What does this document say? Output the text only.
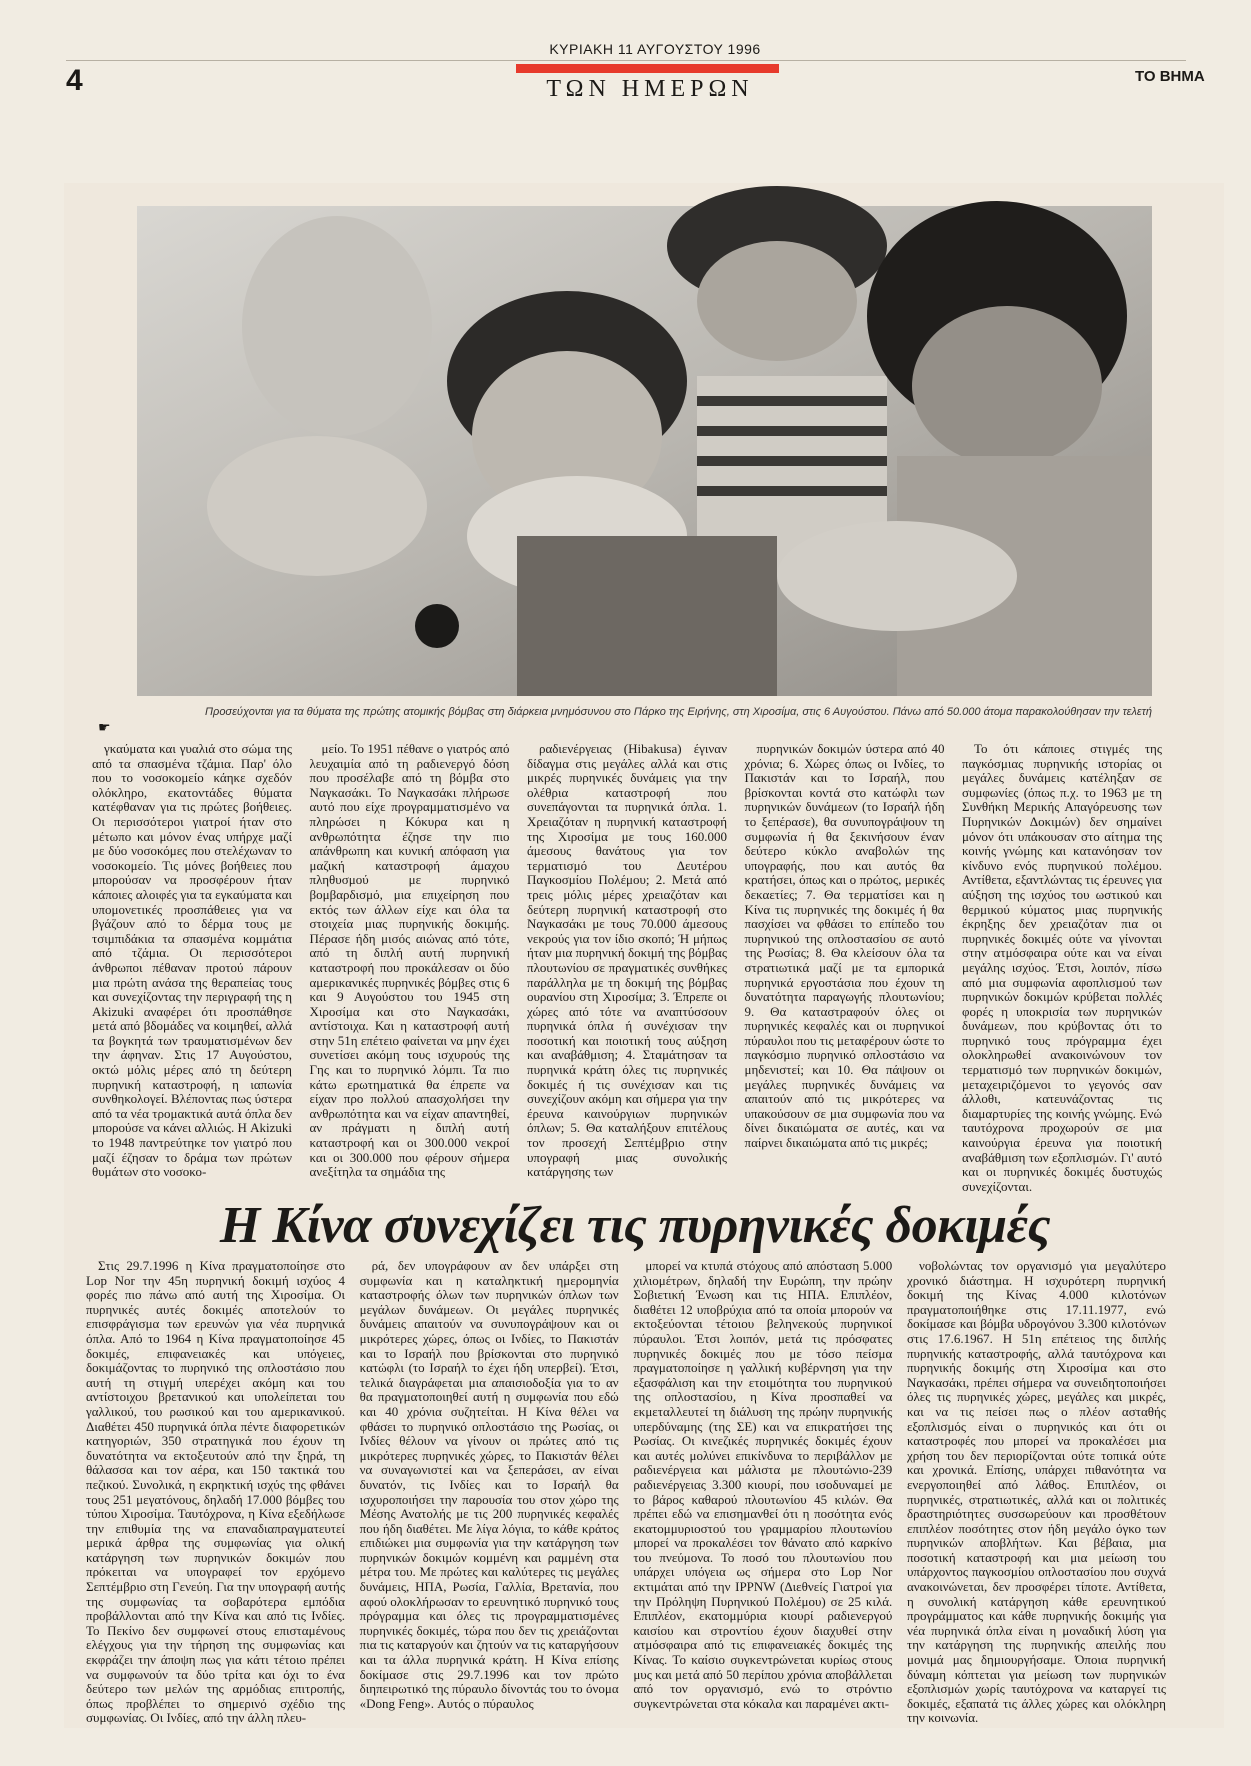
4
ΚΥΡΙΑΚΗ 11 ΑΥΓΟΥΣΤΟΥ 1996
ΤΩΝ ΗΜΕΡΩΝ	ΤΟ ΒΗΜΑ
☛
Προσεύχονται για τα θύματα της πρώτης ατομικής βόμβας στη διάρκεια μνημόσυνου στο Πάρκο της Ειρήνης, στη Χιροσίμα, στις 6 Αυγούστου. Πάνω από 50.000 άτομα παρακολούθησαν την τελετή

γκαύματα και γυαλιά στο σώμα της από τα σπασμένα τζάμια. Παρ' όλο που το νοσοκομείο κάηκε σχεδόν ολόκληρο, εκατοντάδες θύματα κατέφθαναν για τις πρώτες βοήθειες. Οι περισσότεροι γιατροί ήταν στο μέτωπο και μόνον ένας υπήρχε μαζί με δύο νοσοκόμες που στελέχωναν το νοσοκομείο. Τις μόνες βοήθειες που μπορούσαν να προσφέρουν ήταν κάποιες αλοιφές για τα εγκαύματα και υπομονετικές προσπάθειες για να βγάζουν από το δέρμα τους με τσιμπιδάκια τα σπασμένα κομμάτια από τζάμια. Οι περισσότεροι άνθρωποι πέθαναν προτού πάρουν μια πρώτη ανάσα της θεραπείας τους και συνεχίζοντας την περιγραφή της η Akizuki αναφέρει ότι προσπάθησε μετά από βδομάδες να κοιμηθεί, αλλά τα βογκητά των τραυματισμένων δεν την άφηναν. Στις 17 Αυγούστου, οκτώ μόλις μέρες από τη δεύτερη πυρηνική καταστροφή, η ιαπωνία συνθηκολογεί. Βλέποντας πως ύστερα από τα νέα τρομακτικά αυτά όπλα δεν μπορούσε να κάνει αλλιώς. Η Akizuki το 1948 παντρεύτηκε τον γιατρό που μαζί έζησαν το δράμα των πρώτων θυμάτων στο νοσοκο-

μείο. Το 1951 πέθανε ο γιατρός από λευχαιμία από τη ραδιενεργό δόση που προσέλαβε από τη βόμβα στο Ναγκασάκι. Το Ναγκασάκι πλήρωσε αυτό που είχε προγραμματισμένο να πληρώσει η Κόκυρα και η ανθρωπότητα έζησε την πιο απάνθρωπη και κυνική απόφαση για μαζική καταστροφή άμαχου πληθυσμού με πυρηνικό βομβαρδισμό, μια επιχείρηση που εκτός των άλλων είχε και όλα τα στοιχεία μιας πυρηνικής δοκιμής. Πέρασε ήδη μισός αιώνας από τότε, από τη διπλή αυτή πυρηνική καταστροφή που προκάλεσαν οι δύο αμερικανικές πυρηνικές βόμβες στις 6 και 9 Αυγούστου του 1945 στη Χιροσίμα και στο Ναγκασάκι, αντίστοιχα. Και η καταστροφή αυτή στην 51η επέτειο φαίνεται να μην έχει συνετίσει ακόμη τους ισχυρούς της Γης και το πυρηνικό λόμπι. Τα πιο κάτω ερωτηματικά θα έπρεπε να είχαν προ πολλού απασχολήσει την ανθρωπότητα και να είχαν απαντηθεί, αν πράγματι η διπλή αυτή καταστροφή και οι 300.000 νεκροί και οι 300.000 που φέρουν σήμερα ανεξίτηλα τα σημάδια της

ραδιενέργειας (Hibakusa) έγιναν δίδαγμα στις μεγάλες αλλά και στις μικρές πυρηνικές δυνάμεις για την ολέθρια καταστροφή που συνεπάγονται τα πυρηνικά όπλα. 1. Χρειαζόταν η πυρηνική καταστροφή της Χιροσίμα με τους 160.000 άμεσους θανάτους για τον τερματισμό του Δευτέρου Παγκοσμίου Πολέμου; 2. Μετά από τρεις μόλις μέρες χρειαζόταν και δεύτερη πυρηνική καταστροφή στο Ναγκασάκι με τους 70.000 άμεσους νεκρούς για τον ίδιο σκοπό; Ή μήπως ήταν μια πυρηνική δοκιμή της βόμβας πλουτωνίου σε πραγματικές συνθήκες παράλληλα με τη δοκιμή της βόμβας ουρανίου στη Χιροσίμα; 3. Έπρεπε οι χώρες από τότε να αναπτύσσουν πυρηνικά όπλα ή συνέχισαν την ποσοτική και ποιοτική τους αύξηση και αναβάθμιση; 4. Σταμάτησαν τα πυρηνικά κράτη όλες τις πυρηνικές δοκιμές ή τις συνέχισαν και τις συνεχίζουν ακόμη και σήμερα για την έρευνα καινούργιων πυρηνικών όπλων; 5. Θα καταλήξουν επιτέλους τον προσεχή Σεπτέμβριο στην υπογραφή μιας συνολικής κατάργησης των

πυρηνικών δοκιμών ύστερα από 40 χρόνια; 6. Χώρες όπως οι Ινδίες, το Πακιστάν και το Ισραήλ, που βρίσκονται κοντά στο κατώφλι των πυρηνικών δυνάμεων (το Ισραήλ ήδη το ξεπέρασε), θα συνυπογράψουν τη συμφωνία ή θα ξεκινήσουν έναν δεύτερο κύκλο αναβολών της υπογραφής, που και αυτός θα κρατήσει, όπως και ο πρώτος, μερικές δεκαετίες; 7. Θα τερματίσει και η Κίνα τις πυρηνικές της δοκιμές ή θα πασχίσει να φθάσει το επίπεδο του πυρηνικού της οπλοστασίου σε αυτό της Ρωσίας; 8. Θα κλείσουν όλα τα στρατιωτικά μαζί με τα εμπορικά πυρηνικά εργοστάσια που έχουν τη δυνατότητα παραγωγής πλουτωνίου; 9. Θα καταστραφούν όλες οι πυρηνικές κεφαλές και οι πυρηνικοί πύραυλοι που τις μεταφέρουν ώστε το παγκόσμιο πυρηνικό οπλοστάσιο να μηδενιστεί; και 10. Θα πάψουν οι μεγάλες πυρηνικές δυνάμεις να απαιτούν από τις μικρότερες να υπακούσουν σε μια συμφωνία που να δίνει δικαιώματα σε αυτές, και να παίρνει δικαιώματα από τις μικρές;

Το ότι κάποιες στιγμές της παγκόσμιας πυρηνικής ιστορίας οι μεγάλες δυνάμεις κατέληξαν σε συμφωνίες (όπως π.χ. το 1963 με τη Συνθήκη Μερικής Απαγόρευσης των Πυρηνικών Δοκιμών) δεν σημαίνει μόνον ότι υπάκουσαν στο αίτημα της κοινής γνώμης και κατανόησαν τον κίνδυνο ενός πυρηνικού πολέμου. Αντίθετα, εξαντλώντας τις έρευνες για αύξηση της ισχύος του ωστικού και θερμικού κύματος μιας πυρηνικής έκρηξης δεν χρειαζόταν πια οι πυρηνικές δοκιμές ούτε να γίνονται στην ατμόσφαιρα ούτε και να είναι μεγάλης ισχύος. Έτσι, λοιπόν, πίσω από μια συμφωνία αφοπλισμού των πυρηνικών δοκιμών κρύβεται πολλές φορές η υποκρισία των πυρηνικών δυνάμεων, που κρύβοντας ότι το πυρηνικό τους πρόγραμμα έχει ολοκληρωθεί ανακοινώνουν τον τερματισμό των πυρηνικών δοκιμών, μεταχειριζόμενοι το γεγονός σαν άλλοθι, κατευνάζοντας τις διαμαρτυρίες της κοινής γνώμης. Ενώ ταυτόχρονα προχωρούν σε μια καινούργια έρευνα για ποιοτική αναβάθμιση των εξοπλισμών. Γι' αυτό και οι πυρηνικές δοκιμές δυστυχώς συνεχίζονται.

Η Κίνα συνεχίζει τις πυρηνικές δοκιμές

Στις 29.7.1996 η Κίνα πραγματοποίησε στο Lop Nor την 45η πυρηνική δοκιμή ισχύος 4 φορές πιο πάνω από αυτή της Χιροσίμα. Οι πυρηνικές αυτές δοκιμές αποτελούν το επισφράγισμα των ερευνών για νέα πυρηνικά όπλα. Από το 1964 η Κίνα πραγματοποίησε 45 δοκιμές, επιφανειακές και υπόγειες, δοκιμάζοντας το πυρηνικό της οπλοστάσιο που αυτή τη στιγμή υπερέχει ακόμη και του αντίστοιχου βρετανικού και υπολείπεται του γαλλικού, του ρωσικού και του αμερικανικού. Διαθέτει 450 πυρηνικά όπλα πέντε διαφορετικών κατηγοριών, 350 στρατηγικά που έχουν τη δυνατότητα να εκτοξευτούν από την ξηρά, τη θάλασσα και τον αέρα, και 150 τακτικά του πεζικού. Συνολικά, η εκρηκτική ισχύς της φθάνει τους 251 μεγατόνους, δηλαδή 17.000 βόμβες του τύπου Χιροσίμα. Ταυτόχρονα, η Κίνα εξεδήλωσε την επιθυμία της να επαναδιαπραγματευτεί μερικά άρθρα της συμφωνίας για ολική κατάργηση των πυρηνικών δοκιμών που πρόκειται να υπογραφεί τον ερχόμενο Σεπτέμβριο στη Γενεύη. Για την υπογραφή αυτής της συμφωνίας τα σοβαρότερα εμπόδια προβάλλονται από την Κίνα και από τις Ινδίες. Το Πεκίνο δεν συμφωνεί στους επισταμένους ελέγχους για την τήρηση της συμφωνίας και εκφράζει την άποψη πως για κάτι τέτοιο πρέπει να συμφωνούν τα δύο τρίτα και όχι το ένα δεύτερο των μελών της αρμόδιας επιτροπής, όπως προβλέπει το σημερινό σχέδιο της συμφωνίας. Οι Ινδίες, από την άλλη πλευ-

ρά, δεν υπογράφουν αν δεν υπάρξει στη συμφωνία και η καταληκτική ημερομηνία καταστροφής όλων των πυρηνικών όπλων των μεγάλων δυνάμεων. Οι μεγάλες πυρηνικές δυνάμεις απαιτούν να συνυπογράψουν και οι μικρότερες χώρες, όπως οι Ινδίες, το Πακιστάν και το Ισραήλ που βρίσκονται στο πυρηνικό κατώφλι (το Ισραήλ το έχει ήδη υπερβεί). Έτσι, τελικά διαγράφεται μια απαισιοδοξία για το αν θα πραγματοποιηθεί αυτή η συμφωνία που εδώ και 40 χρόνια συζητείται. Η Κίνα θέλει να φθάσει το πυρηνικό οπλοστάσιο της Ρωσίας, οι Ινδίες θέλουν να γίνουν οι πρώτες από τις μικρότερες πυρηνικές χώρες, το Πακιστάν θέλει να συναγωνιστεί και να ξεπεράσει, αν είναι δυνατόν, τις Ινδίες και το Ισραήλ θα ισχυροποιήσει την παρουσία του στον χώρο της Μέσης Ανατολής με τις 200 πυρηνικές κεφαλές που ήδη διαθέτει. Με λίγα λόγια, το κάθε κράτος επιδιώκει μια συμφωνία για την κατάργηση των πυρηνικών δοκιμών κομμένη και ραμμένη στα μέτρα του. Με πρώτες και καλύτερες τις μεγάλες δυνάμεις, ΗΠΑ, Ρωσία, Γαλλία, Βρετανία, που αφού ολοκλήρωσαν το ερευνητικό πυρηνικό τους πρόγραμμα και όλες τις προγραμματισμένες πυρηνικές δοκιμές, τώρα που δεν τις χρειάζονται πια τις καταργούν και ζητούν να τις καταργήσουν και τα άλλα πυρηνικά κράτη. Η Κίνα επίσης δοκίμασε στις 29.7.1996 και τον πρώτο διηπειρωτικό της πύραυλο δίνοντάς του το όνομα «Dong Feng». Αυτός ο πύραυλος

μπορεί να κτυπά στόχους από απόσταση 5.000 χιλιομέτρων, δηλαδή την Ευρώπη, την πρώην Σοβιετική Ένωση και τις ΗΠΑ. Επιπλέον, διαθέτει 12 υποβρύχια από τα οποία μπορούν να εκτοξεύονται τέτοιου βεληνεκούς πυρηνικοί πύραυλοι. Έτσι λοιπόν, μετά τις πρόσφατες πυρηνικές δοκιμές που με τόσο πείσμα πραγματοποίησε η γαλλική κυβέρνηση για την εξασφάλιση και την ετοιμότητα του πυρηνικού της οπλοστασίου, η Κίνα προσπαθεί να εκμεταλλευτεί τη διάλυση της πρώην πυρηνικής υπερδύναμης (της ΣΕ) και να επικρατήσει της Ρωσίας. Οι κινεζικές πυρηνικές δοκιμές έχουν και αυτές μολύνει επικίνδυνα το περιβάλλον με ραδιενέργεια και μάλιστα με πλουτώνιο-239 ραδιενέργειας 3.300 κιουρί, που ισοδυναμεί με το βάρος καθαρού πλουτωνίου 45 κιλών. Θα πρέπει εδώ να επισημανθεί ότι η ποσότητα ενός εκατομμυριοστού του γραμμαρίου πλουτωνίου μπορεί να προκαλέσει τον θάνατο από καρκίνο του πνεύμονα. Το ποσό του πλουτωνίου που υπάρχει υπόγεια ως σήμερα στο Lop Nor εκτιμάται από την IPPNW (Διεθνείς Γιατροί για την Πρόληψη Πυρηνικού Πολέμου) σε 25 κιλά. Επιπλέον, εκατομμύρια κιουρί ραδιενεργού καισίου και στροντίου έχουν διαχυθεί στην ατμόσφαιρα από τις επιφανειακές δοκιμές της Κίνας. Το καίσιο συγκεντρώνεται κυρίως στους μυς και μετά από 50 περίπου χρόνια αποβάλλεται από τον οργανισμό, ενώ το στρόντιο συγκεντρώνεται στα κόκαλα και παραμένει ακτι-

νοβολώντας τον οργανισμό για μεγαλύτερο χρονικό διάστημα. Η ισχυρότερη πυρηνική δοκιμή της Κίνας 4.000 κιλοτόνων πραγματοποιήθηκε στις 17.11.1977, ενώ δοκίμασε και βόμβα υδρογόνου 3.300 κιλοτόνων στις 17.6.1967. Η 51η επέτειος της διπλής πυρηνικής καταστροφής, αλλά ταυτόχρονα και πυρηνικής δοκιμής στη Χιροσίμα και στο Ναγκασάκι, πρέπει σήμερα να συνειδητοποιήσει όλες τις πυρηνικές χώρες, μεγάλες και μικρές, και να τις πείσει πως ο πλέον ασταθής εξοπλισμός είναι ο πυρηνικός και ότι οι καταστροφές που μπορεί να προκαλέσει μια χρήση του δεν περιορίζονται ούτε τοπικά ούτε και χρονικά. Επίσης, υπάρχει πιθανότητα να ενεργοποιηθεί από λάθος. Επιπλέον, οι πυρηνικές, στρατιωτικές, αλλά και οι πολιτικές δραστηριότητες συσσωρεύουν και προσθέτουν επιπλέον ποσότητες στον ήδη μεγάλο όγκο των πυρηνικών αποβλήτων. Και βέβαια, μια ποσοτική καταστροφή και μια μείωση του υπάρχοντος παγκοσμίου οπλοστασίου που συχνά ανακοινώνεται, δεν προσφέρει τίποτε. Αντίθετα, η συνολική κατάργηση κάθε ερευνητικού προγράμματος και κάθε πυρηνικής δοκιμής για νέα πυρηνικά όπλα είναι η μοναδική λύση για την κατάργηση της πυρηνικής απειλής που μονιμά μας δημιουργήσαμε. Όποια πυρηνική δύναμη κόπτεται για μείωση των πυρηνικών εξοπλισμών χωρίς ταυτόχρονα να καταργεί τις δοκιμές, εξαπατά τις άλλες χώρες και ολόκληρη την κοινωνία.
